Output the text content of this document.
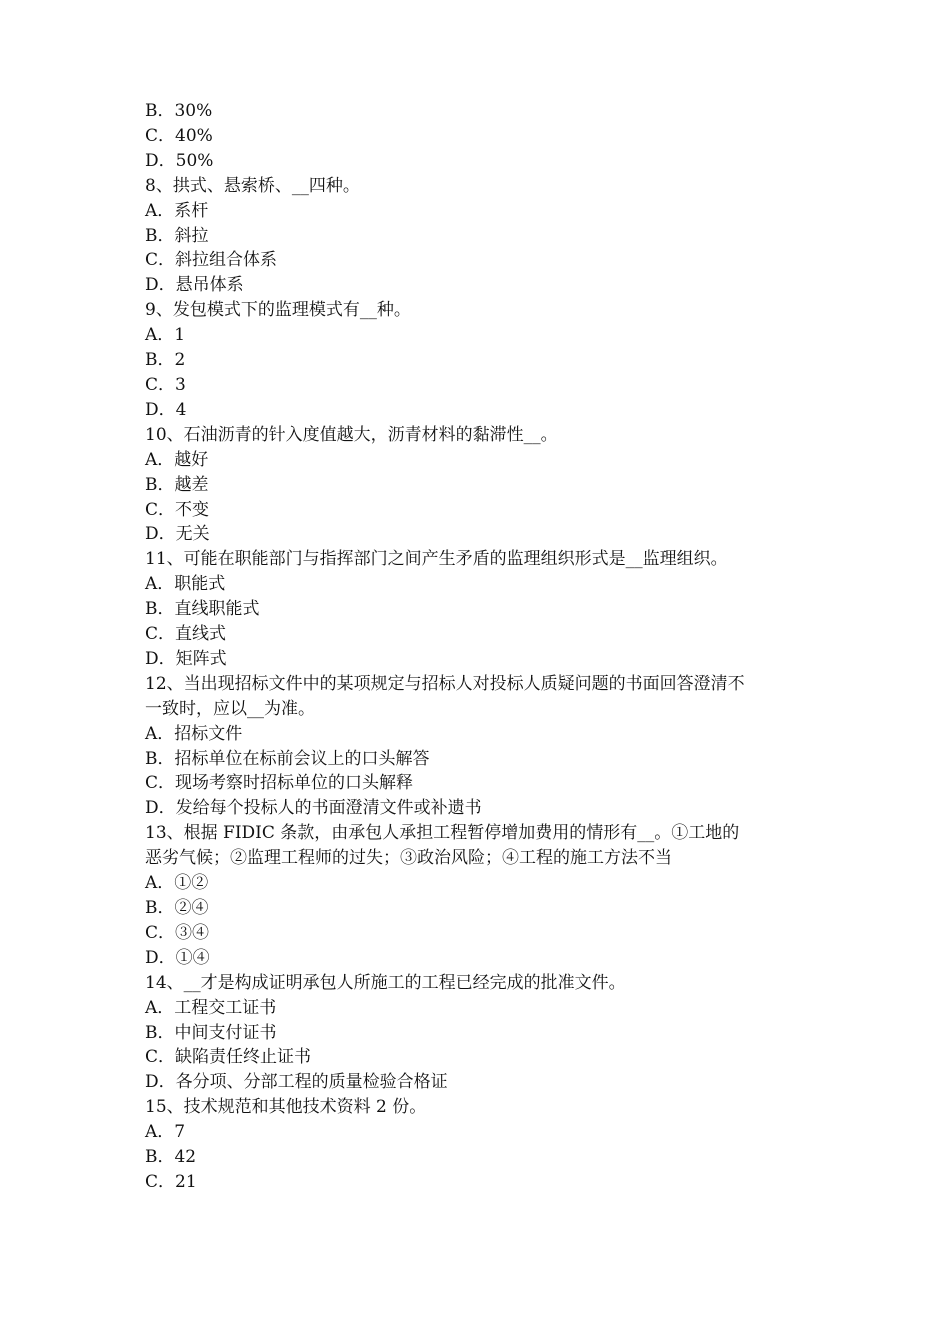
B．30%
C．40%
D．50%
8、拱式、悬索桥、__四种。
A．系杆
B．斜拉
C．斜拉组合体系
D．悬吊体系
9、发包模式下的监理模式有__种。
A．1
B．2
C．3
D．4
10、石油沥青的针入度值越大，沥青材料的黏滞性__。
A．越好
B．越差
C．不变
D．无关
11、可能在职能部门与指挥部门之间产生矛盾的监理组织形式是__监理组织。
A．职能式
B．直线职能式
C．直线式
D．矩阵式
12、当出现招标文件中的某项规定与招标人对投标人质疑问题的书面回答澄清不
一致时，应以__为准。
A．招标文件
B．招标单位在标前会议上的口头解答
C．现场考察时招标单位的口头解释
D．发给每个投标人的书面澄清文件或补遗书
13、根据 FIDIC 条款，由承包人承担工程暂停增加费用的情形有__。①工地的
恶劣气候；②监理工程师的过失；③政治风险；④工程的施工方法不当
A．①②
B．②④
C．③④
D．①④
14、__才是构成证明承包人所施工的工程已经完成的批准文件。
A．工程交工证书
B．中间支付证书
C．缺陷责任终止证书
D．各分项、分部工程的质量检验合格证
15、技术规范和其他技术资料 2 份。
A．7
B．42
C．21
